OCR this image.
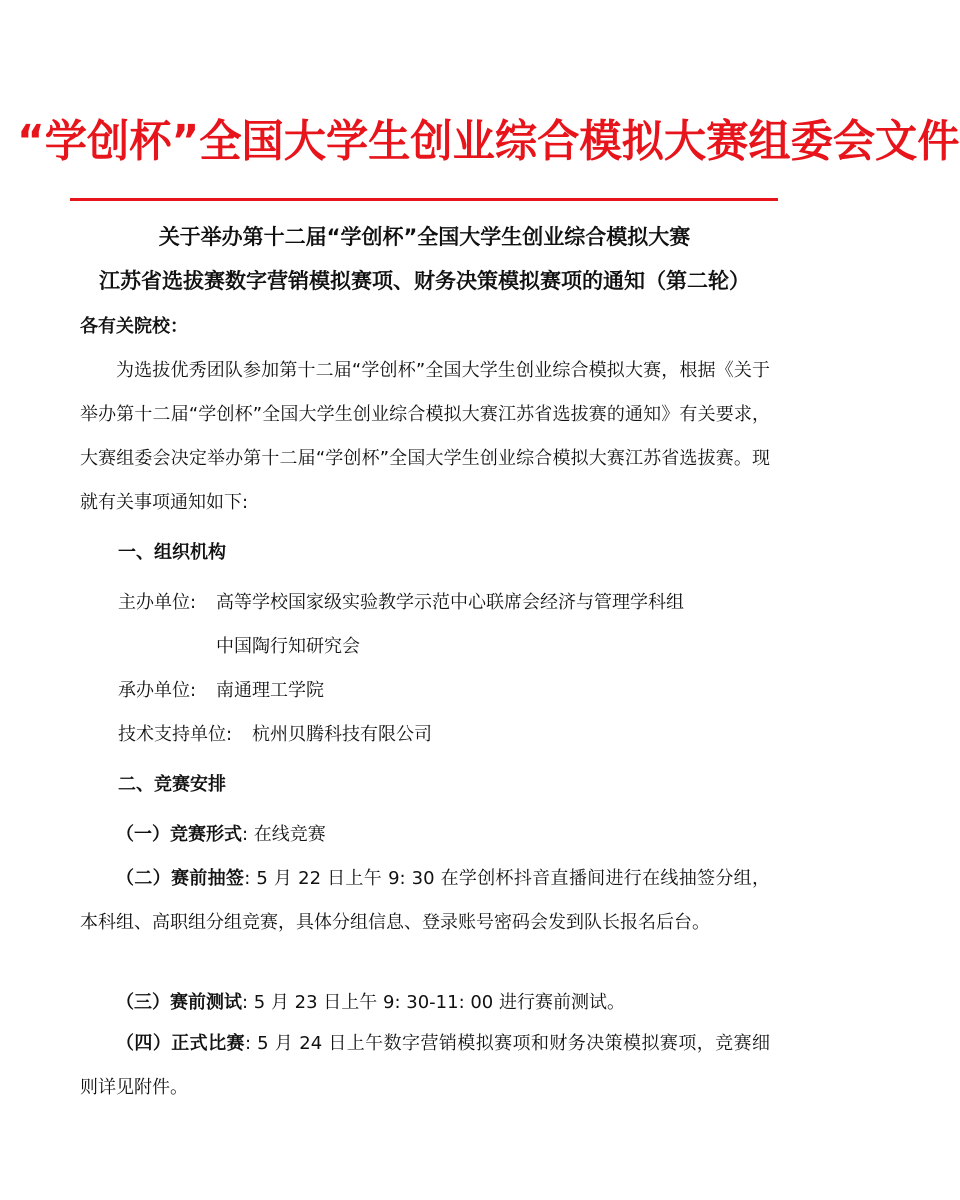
“学创杯”全国大学生创业综合模拟大赛组委会文件
关于举办第十二届“学创杯”全国大学生创业综合模拟大赛
江苏省选拔赛数字营销模拟赛项、财务决策模拟赛项的通知（第二轮）
各有关院校：
为选拔优秀团队参加第十二届“学创杯”全国大学生创业综合模拟大赛，根据《关于举办第十二届“学创杯”全国大学生创业综合模拟大赛江苏省选拔赛的通知》有关要求，大赛组委会决定举办第十二届“学创杯”全国大学生创业综合模拟大赛江苏省选拔赛。现就有关事项通知如下:
一、组织机构
主办单位: 高等学校国家级实验教学示范中心联席会经济与管理学科组
中国陶行知研究会
承办单位: 南通理工学院
技术支持单位: 杭州贝腾科技有限公司
二、竞赛安排
（一）竞赛形式: 在线竞赛
（二）赛前抽签: 5 月 22 日上午 9: 30 在学创杯抖音直播间进行在线抽签分组，本科组、高职组分组竞赛，具体分组信息、登录账号密码会发到队长报名后台。
（三）赛前测试: 5 月 23 日上午 9: 30-11: 00 进行赛前测试。
（四）正式比赛: 5 月 24 日上午数字营销模拟赛项和财务决策模拟赛项，竞赛细则详见附件。
